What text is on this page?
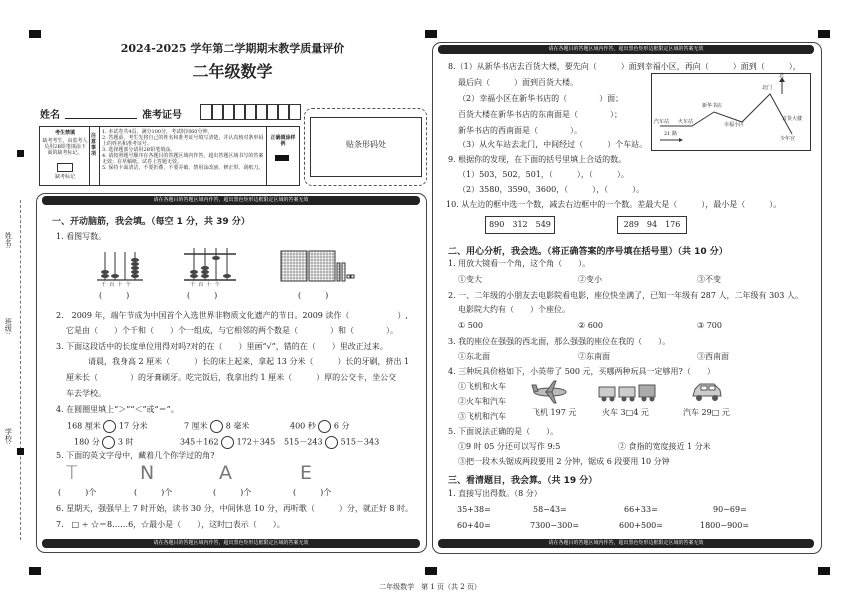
姓名:
班级:
学校:
2024-2025 学年第二学期期末教学质量评价
二年级数学
姓名	准考证号
考生禁填
缺考考生，由监考人员用2B铅笔填涂下面的缺考标记。
缺考标记
注意事项
1. 本试卷共4页，满分100分，考试时间60分钟。
2. 答题前，考生先将自己的姓名和准考证号填写清楚，并认真核对条形码上的姓名和准考证号。
3. 选择题部分请用2B铅笔填涂。
4. 请按照题号顺序在各题目的答题区域内作答，超出答题区域书写的答案无效；在草稿纸、试卷上答题无效。
5. 保持卡面清洁，不要折叠，不要弄破，禁用涂改液、修正带、刮纸刀。
正确填涂样例	贴条形码处
请在各题目的答题区域内作答，超出黑色矩形边框限定区域的答案无效
请在各题目的答题区域内作答，超出黑色矩形边框限定区域的答案无效
一、开动脑筋，我会填。（每空 1 分，共 39 分）
1. 看图写数。
千 百 十 个	千 百 十 个
(　　　)	(　　　)	(　　　)
2.　2009 年，端午节成为中国首个入选世界非物质文化遗产的节日。2009 读作（　　　　　　）,
它是由（　　）个千和（　　）个一组成，与它相邻的两个数是（　　　　）和（　　　　）。
3. 下面这段话中的长度单位用得对吗?对的在（　　）里画“√”，错的在（　　）里改正过来。
请晨，我身高 2 厘米（　　　）长的床上起来，拿起 13 分米（　　　）长的牙刷，挤出 1
厘米长（　　　　）的牙膏刷牙。吃完饭后，我拿出约 1 厘米（　　　）厚的公交卡，坐公交
车去学校。
4. 在圆圈里填上“＞”“＜”或“＝”。
168 厘米 17 分米	7 厘米 8 毫米	400 秒 6 分
180 分 3 时	345＋162 172＋345 515－243 515－343
5. 下面的英文字母中，藏着几个你学过的角?
T	N	A	E
(　　　)个	(　　　)个	(　　　)个	(　　　)个
6. 星期天，强强早上 7 时开始，读书 30 分，中间休息 10 分，再听歌（　　　）分，就正好 8 时。
7.　□ ÷ ☆＝8……6，☆最小是（　　），这时□表示（　　）。
请在各题目的答题区域内作答，超出黑色矩形边框限定区域的答案无效
请在各题目的答题区域内作答，超出黑色矩形边框限定区域的答案无效
8.（1）从新华书店去百货大楼，要先向（　　　）面到幸福小区，再向（　　　）面到（　　　），
最后向（　　　）面到百货大楼。
（2）幸福小区在新华书店的（　　　　）面；
百货大楼在新华书店的东南面是（　　　　）；
新华书店的西南面是（　　　　）。
（3）从火车站去北门，中间经过（　　　）个车站。
北
汽车站 火车站
新华书店
幸福小区
北门
百货大楼
少年宫
21 路
9. 根据你的发现，在下面的括号里填上合适的数。
（1）503，502，501，（　　　），（　　　）。
（2）3580，3590，3600，（　　　），（　　　）。
10. 从左边的框中选一个数，减去右边框中的一个数。差最大是（　　　），最小是（　　　）。
890　312　549	289　94　176
二、用心分析，我会选。（将正确答案的序号填在括号里）（共 10 分）
1. 用放大镜看一个角，这个角（　　）。
①变大	②变小	③不变
2. 一、二年级的小朋友去电影院看电影，座位快坐满了，已知一年级有 287 人，二年级有 303 人。
电影院大约有（　　）个座位。
① 500	② 600	③ 700
3. 我的座位在强强的西北面，那么强强的座位在我的（　　）。
①东北面	②东南面	③西南面
4. 三种玩具价格如下，小英带了 500 元，买哪两种玩具一定够用?（　　）
①飞机和火车
②火车和汽车
③飞机和汽车	飞机 197 元	火车 3□4 元	汽车 29□ 元
5. 下面说法正确的是（　　）。
①9 时 05 分还可以写作 9:5	② 食指的宽度接近 1 分米
③把一段木头锯成两段要用 2 分钟，锯成 6 段要用 10 分钟
三、看清题目，我会算。（共 19 分）
1. 直接写出得数。（8 分）
35+38=	58−43=	66+33=	90−69=
60+40=	7300−300=	600+500=	1800−900=
二年级数学　第 1 页（共 2 页）
